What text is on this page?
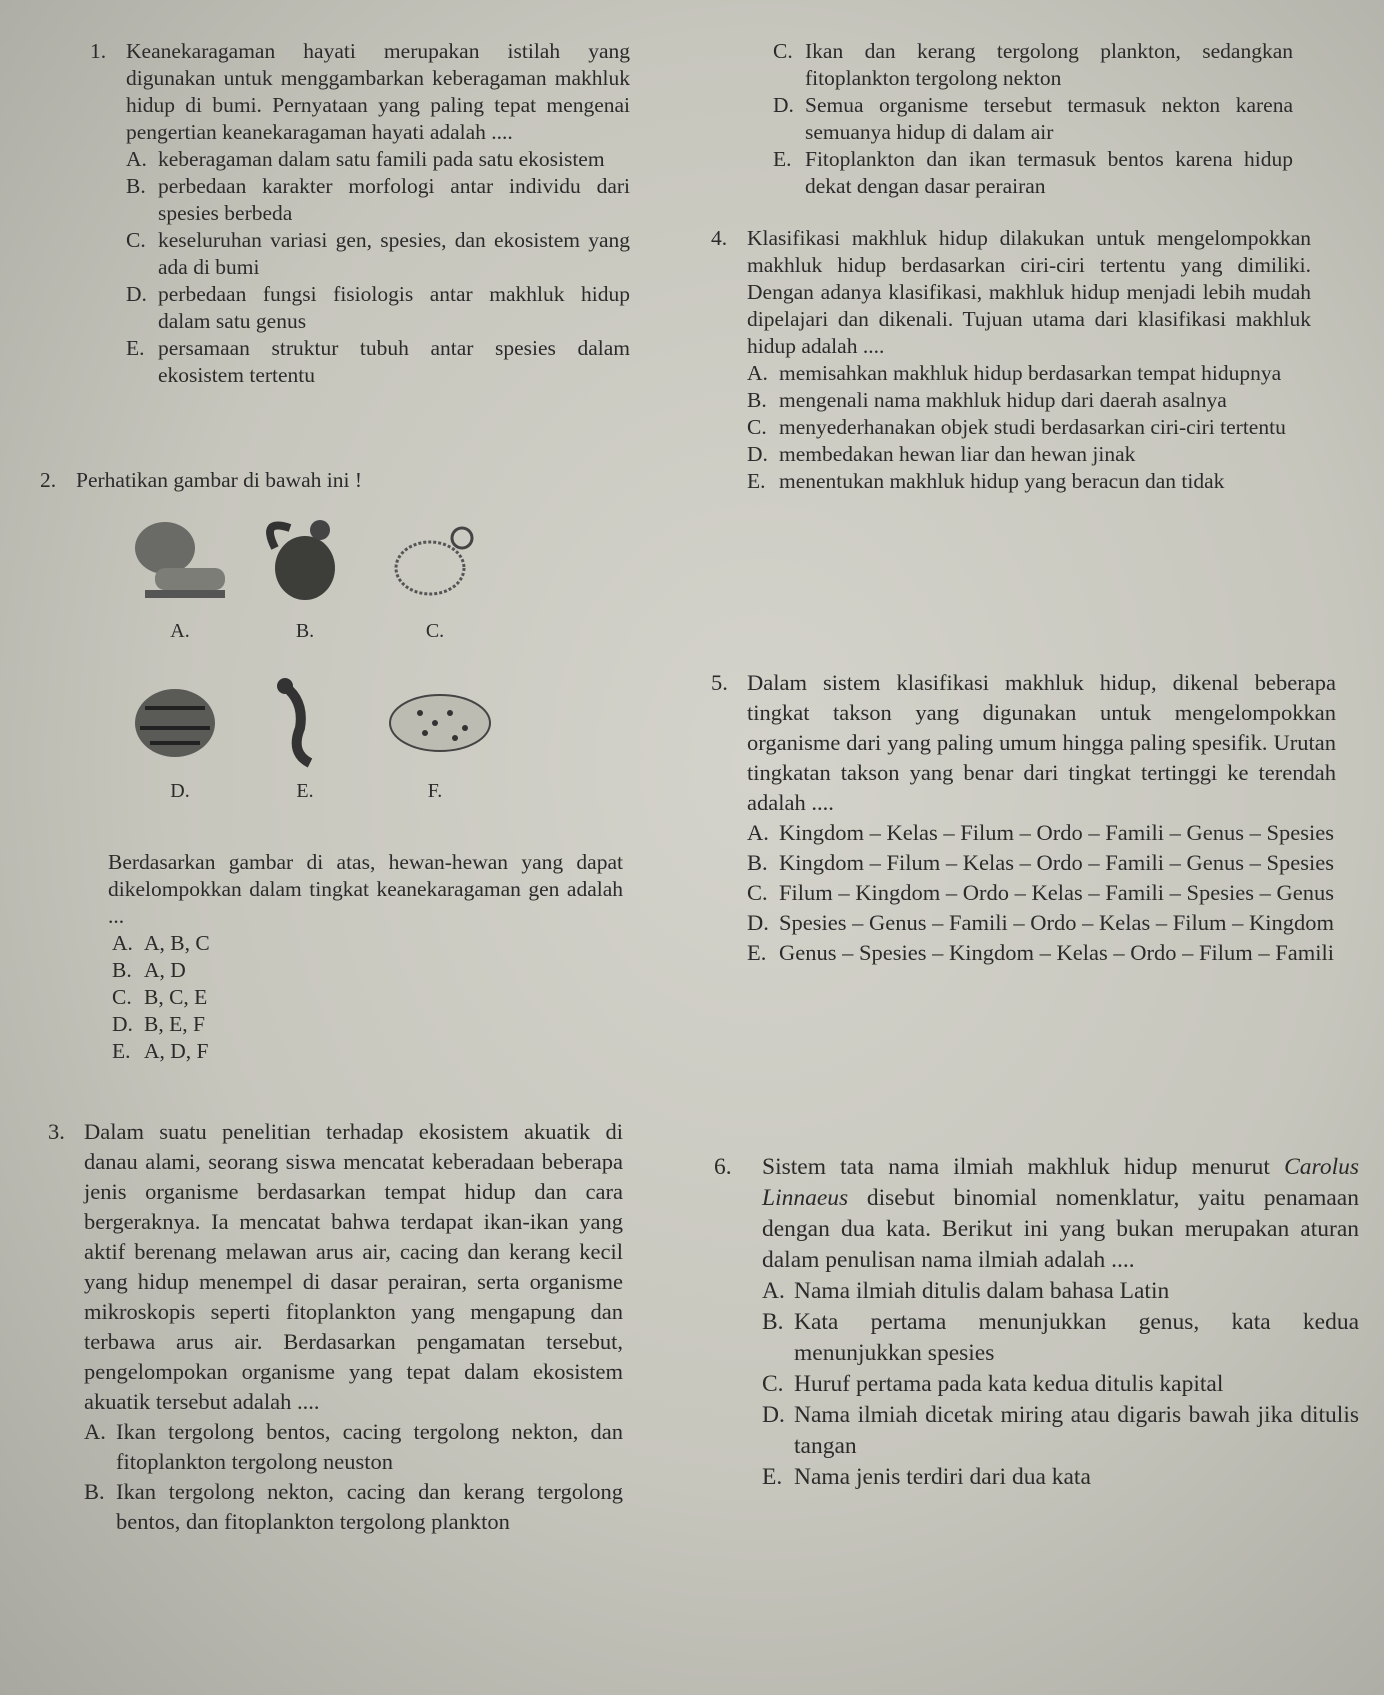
1. Keanekaragaman hayati merupakan istilah yang digunakan untuk menggambarkan keberagaman makhluk hidup di bumi. Pernyataan yang paling tepat mengenai pengertian keanekaragaman hayati adalah ....
A. keberagaman dalam satu famili pada satu ekosistem
B. perbedaan karakter morfologi antar individu dari spesies berbeda
C. keseluruhan variasi gen, spesies, dan ekosistem yang ada di bumi
D. perbedaan fungsi fisiologis antar makhluk hidup dalam satu genus
E. persamaan struktur tubuh antar spesies dalam ekosistem tertentu
2. Perhatikan gambar di bawah ini !
A.	B.	C.
D.	E.	F.
Berdasarkan gambar di atas, hewan-hewan yang dapat dikelompokkan dalam tingkat keanekaragaman gen adalah ...
A. A, B, C
B. A, D
C. B, C, E
D. B, E, F
E. A, D, F
3. Dalam suatu penelitian terhadap ekosistem akuatik di danau alami, seorang siswa mencatat keberadaan beberapa jenis organisme berdasarkan tempat hidup dan cara bergeraknya. Ia mencatat bahwa terdapat ikan-ikan yang aktif berenang melawan arus air, cacing dan kerang kecil yang hidup menempel di dasar perairan, serta organisme mikroskopis seperti fitoplankton yang mengapung dan terbawa arus air. Berdasarkan pengamatan tersebut, pengelompokan organisme yang tepat dalam ekosistem akuatik tersebut adalah ....
A. Ikan tergolong bentos, cacing tergolong nekton, dan fitoplankton tergolong neuston
B. Ikan tergolong nekton, cacing dan kerang tergolong bentos, dan fitoplankton tergolong plankton
C. Ikan dan kerang tergolong plankton, sedangkan fitoplankton tergolong nekton
D. Semua organisme tersebut termasuk nekton karena semuanya hidup di dalam air
E. Fitoplankton dan ikan termasuk bentos karena hidup dekat dengan dasar perairan
4. Klasifikasi makhluk hidup dilakukan untuk mengelompokkan makhluk hidup berdasarkan ciri-ciri tertentu yang dimiliki. Dengan adanya klasifikasi, makhluk hidup menjadi lebih mudah dipelajari dan dikenali. Tujuan utama dari klasifikasi makhluk hidup adalah ....
A. memisahkan makhluk hidup berdasarkan tempat hidupnya
B. mengenali nama makhluk hidup dari daerah asalnya
C. menyederhanakan objek studi berdasarkan ciri-ciri tertentu
D. membedakan hewan liar dan hewan jinak
E. menentukan makhluk hidup yang beracun dan tidak
5. Dalam sistem klasifikasi makhluk hidup, dikenal beberapa tingkat takson yang digunakan untuk mengelompokkan organisme dari yang paling umum hingga paling spesifik. Urutan tingkatan takson yang benar dari tingkat tertinggi ke terendah adalah ....
A. Kingdom – Kelas – Filum – Ordo – Famili – Genus – Spesies
B. Kingdom – Filum – Kelas – Ordo – Famili – Genus – Spesies
C. Filum – Kingdom – Ordo – Kelas – Famili – Spesies – Genus
D. Spesies – Genus – Famili – Ordo – Kelas – Filum – Kingdom
E. Genus – Spesies – Kingdom – Kelas – Ordo – Filum – Famili
6.	Sistem tata nama ilmiah makhluk hidup menurut Carolus Linnaeus disebut binomial nomenklatur, yaitu penamaan dengan dua kata. Berikut ini yang bukan merupakan aturan dalam penulisan nama ilmiah adalah ....
A. Nama ilmiah ditulis dalam bahasa Latin
B. Kata pertama menunjukkan genus, kata kedua menunjukkan spesies
C. Huruf pertama pada kata kedua ditulis kapital
D. Nama ilmiah dicetak miring atau digaris bawah jika ditulis tangan
E. Nama jenis terdiri dari dua kata
